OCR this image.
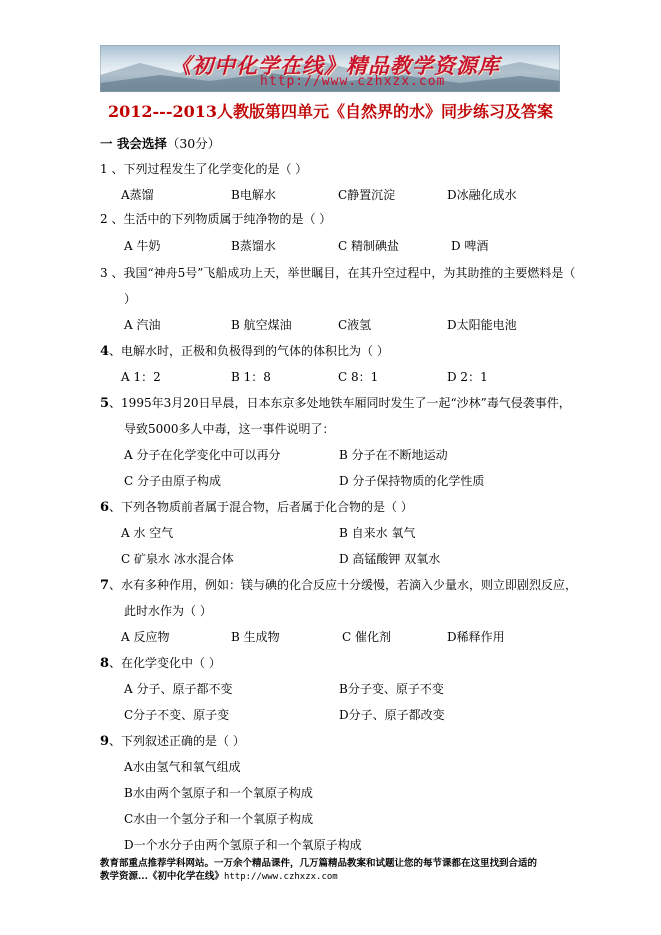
《初中化学在线》精品教学资源库
http://www.czhxzx.com
2012---2013人教版第四单元《自然界的水》同步练习及答案
一 我会选择（30分）
1 、下列过程发生了化学变化的是（ ）
A蒸馏	B电解水	C静置沉淀	D冰融化成水
2 、生活中的下列物质属于纯净物的是（ ）
A 牛奶	B蒸馏水	C 精制碘盐	D 啤酒
3 、我国“神舟5号”飞船成功上天，举世瞩目，在其升空过程中，为其助推的主要燃料是（
）
A 汽油	B 航空煤油	C液氢	D太阳能电池
4、电解水时，正极和负极得到的气体的体积比为（ ）
A 1：2	B 1：8	C 8：1	D 2：1
5、1995年3月20日早晨，日本东京多处地铁车厢同时发生了一起“沙林”毒气侵袭事件，
导致5000多人中毒，这一事件说明了：
A 分子在化学变化中可以再分	B 分子在不断地运动
C 分子由原子构成	D 分子保持物质的化学性质
6、下列各物质前者属于混合物，后者属于化合物的是（ ）
A 水 空气	B 自来水 氧气
C 矿泉水 冰水混合体	D 高锰酸钾 双氧水
7、水有多种作用，例如：镁与碘的化合反应十分缓慢，若滴入少量水，则立即剧烈反应，
此时水作为（ ）
A 反应物	B 生成物	C 催化剂	D稀释作用
8、在化学变化中（ ）
A 分子、原子都不变	B分子变、原子不变
C分子不变、原子变	D分子、原子都改变
9、下列叙述正确的是（ ）
A水由氢气和氧气组成
B水由两个氢原子和一个氧原子构成
C水由一个氢分子和一个氧原子构成
D一个水分子由两个氢原子和一个氧原子构成
教育部重点推荐学科网站。一万余个精品课件，几万篇精品教案和试题让您的每节课都在这里找到合适的
教学资源...《初中化学在线》http://www.czhxzx.com
